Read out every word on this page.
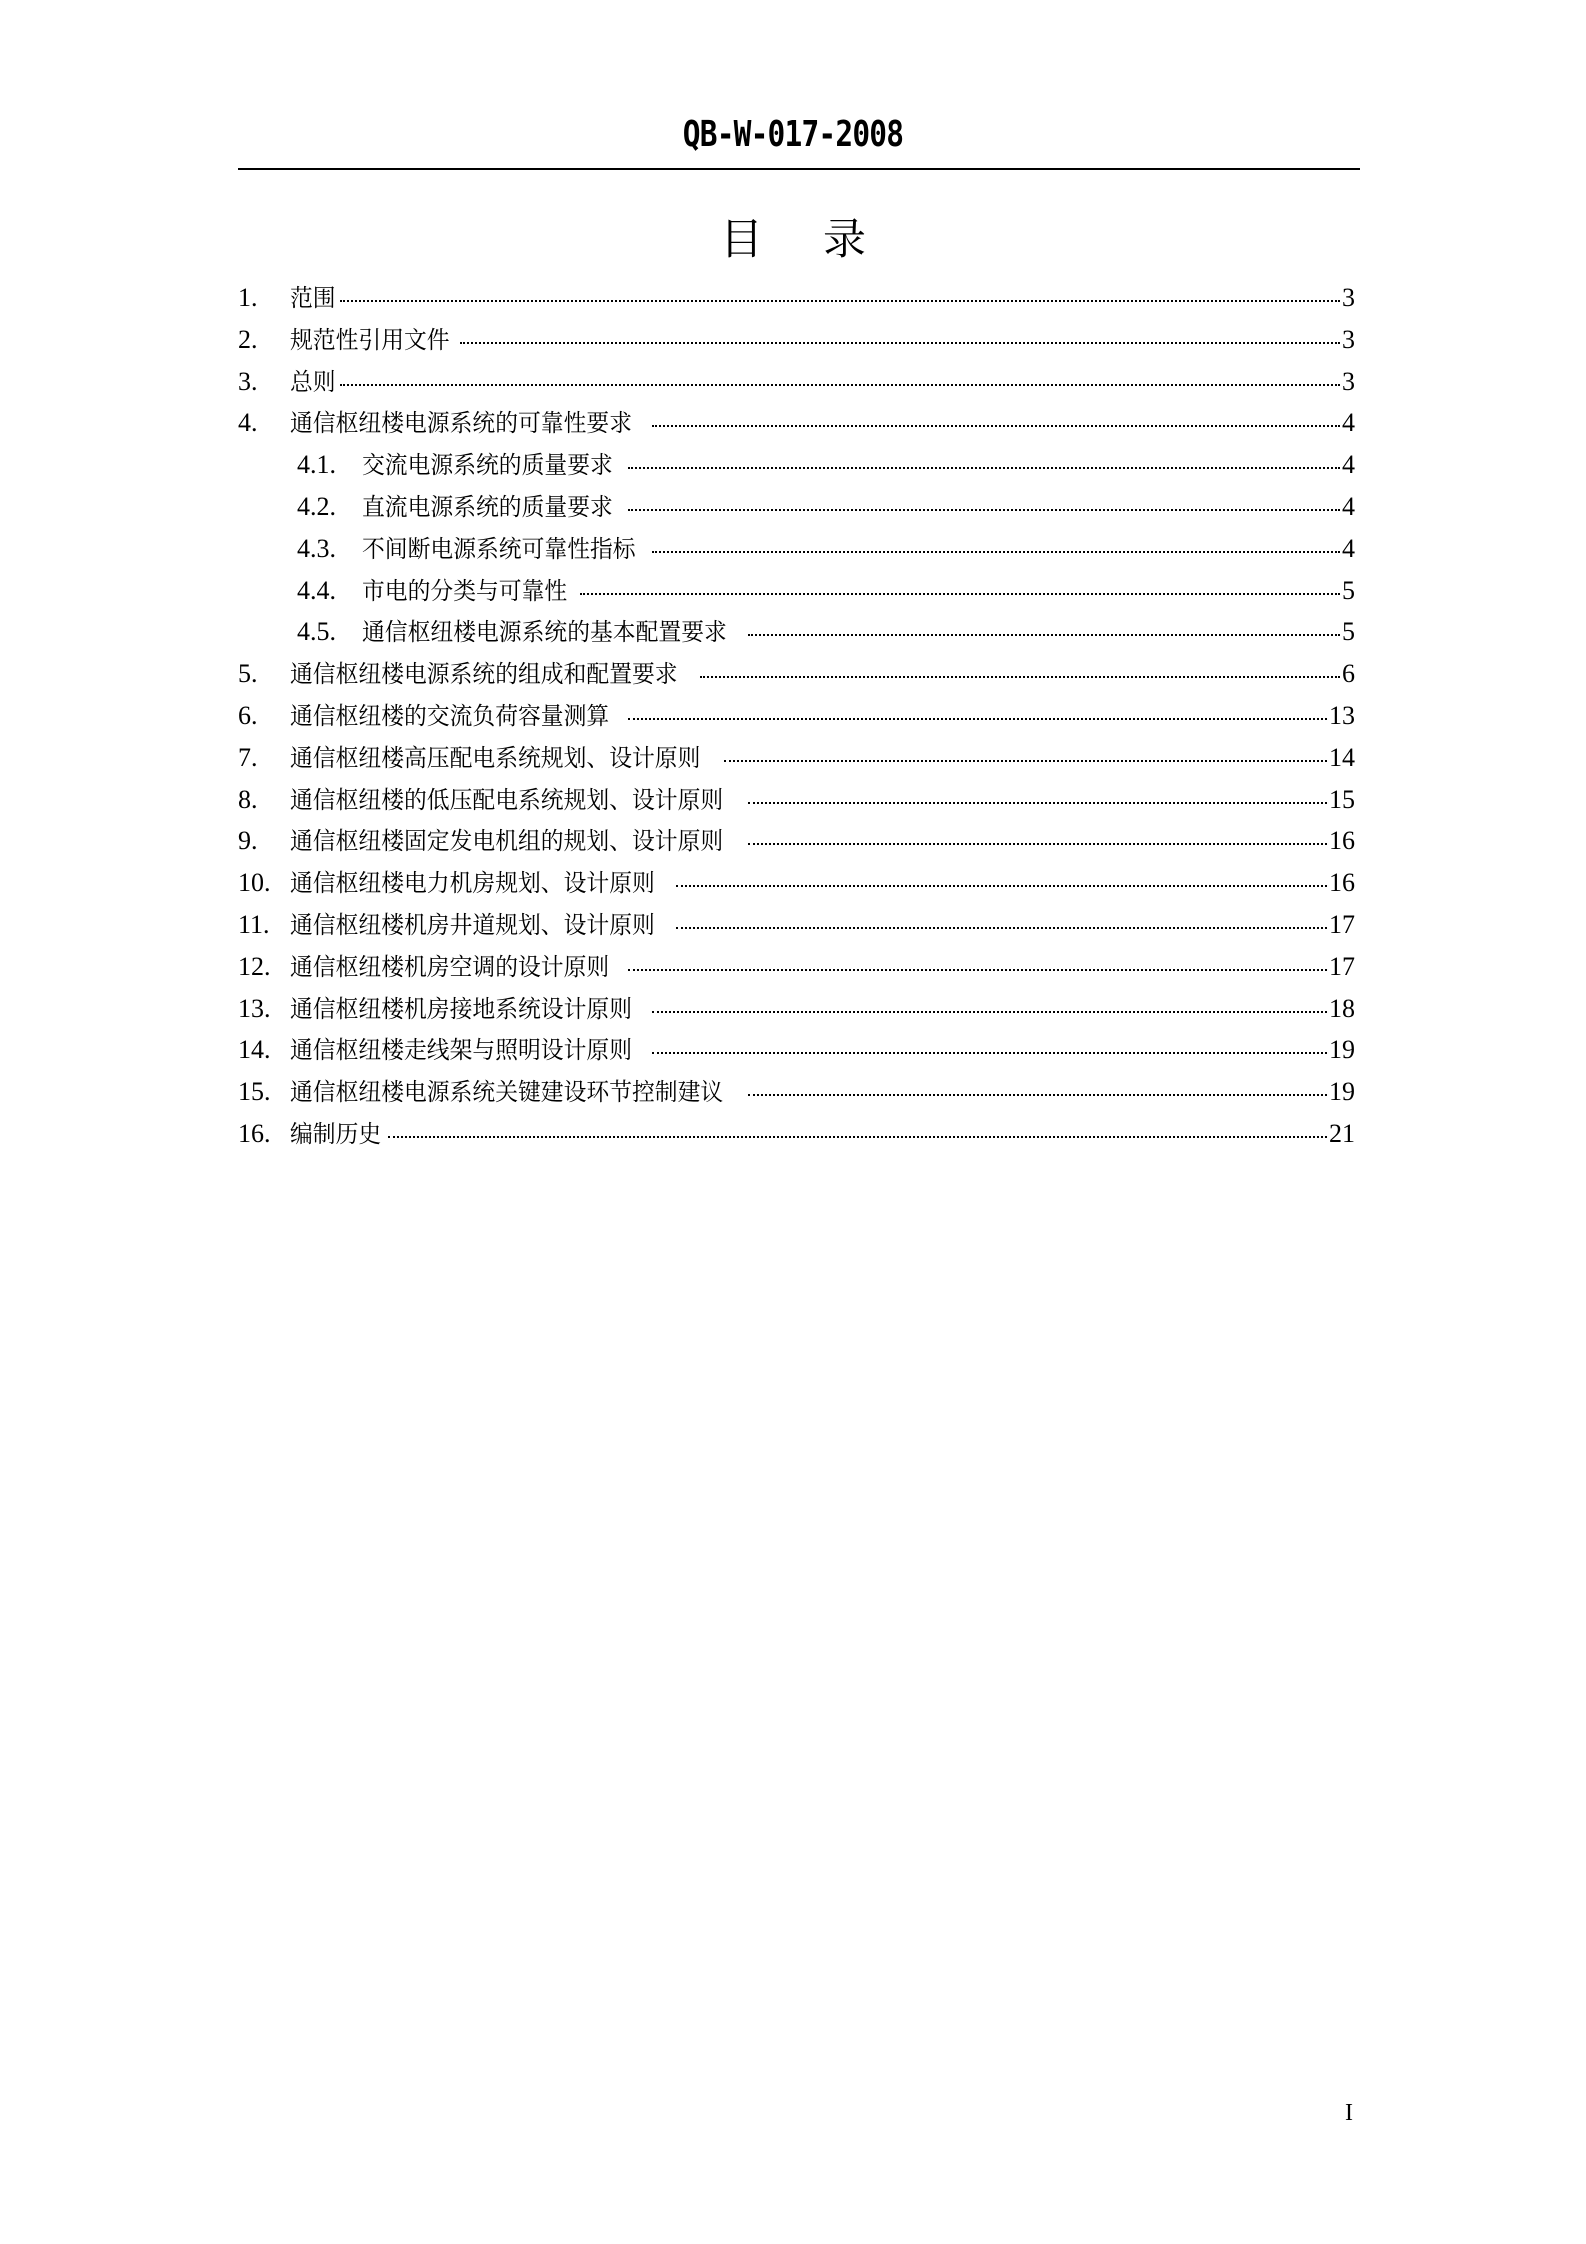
QB-W-017-2008
目录
1.	范围	3
2.	规范性引用文件	3
3.	总则	3
4.	通信枢纽楼电源系统的可靠性要求	4
4.1.	交流电源系统的质量要求	4
4.2.	直流电源系统的质量要求	4
4.3.	不间断电源系统可靠性指标	4
4.4.	市电的分类与可靠性	5
4.5.	通信枢纽楼电源系统的基本配置要求	5
5.	通信枢纽楼电源系统的组成和配置要求	6
6.	通信枢纽楼的交流负荷容量测算	13
7.	通信枢纽楼高压配电系统规划、设计原则	14
8.	通信枢纽楼的低压配电系统规划、设计原则	15
9.	通信枢纽楼固定发电机组的规划、设计原则	16
10. 通信枢纽楼电力机房规划、设计原则	16
11. 通信枢纽楼机房井道规划、设计原则	17
12. 通信枢纽楼机房空调的设计原则	17
13. 通信枢纽楼机房接地系统设计原则	18
14. 通信枢纽楼走线架与照明设计原则	19
15. 通信枢纽楼电源系统关键建设环节控制建议	19
16. 编制历史	21
I
